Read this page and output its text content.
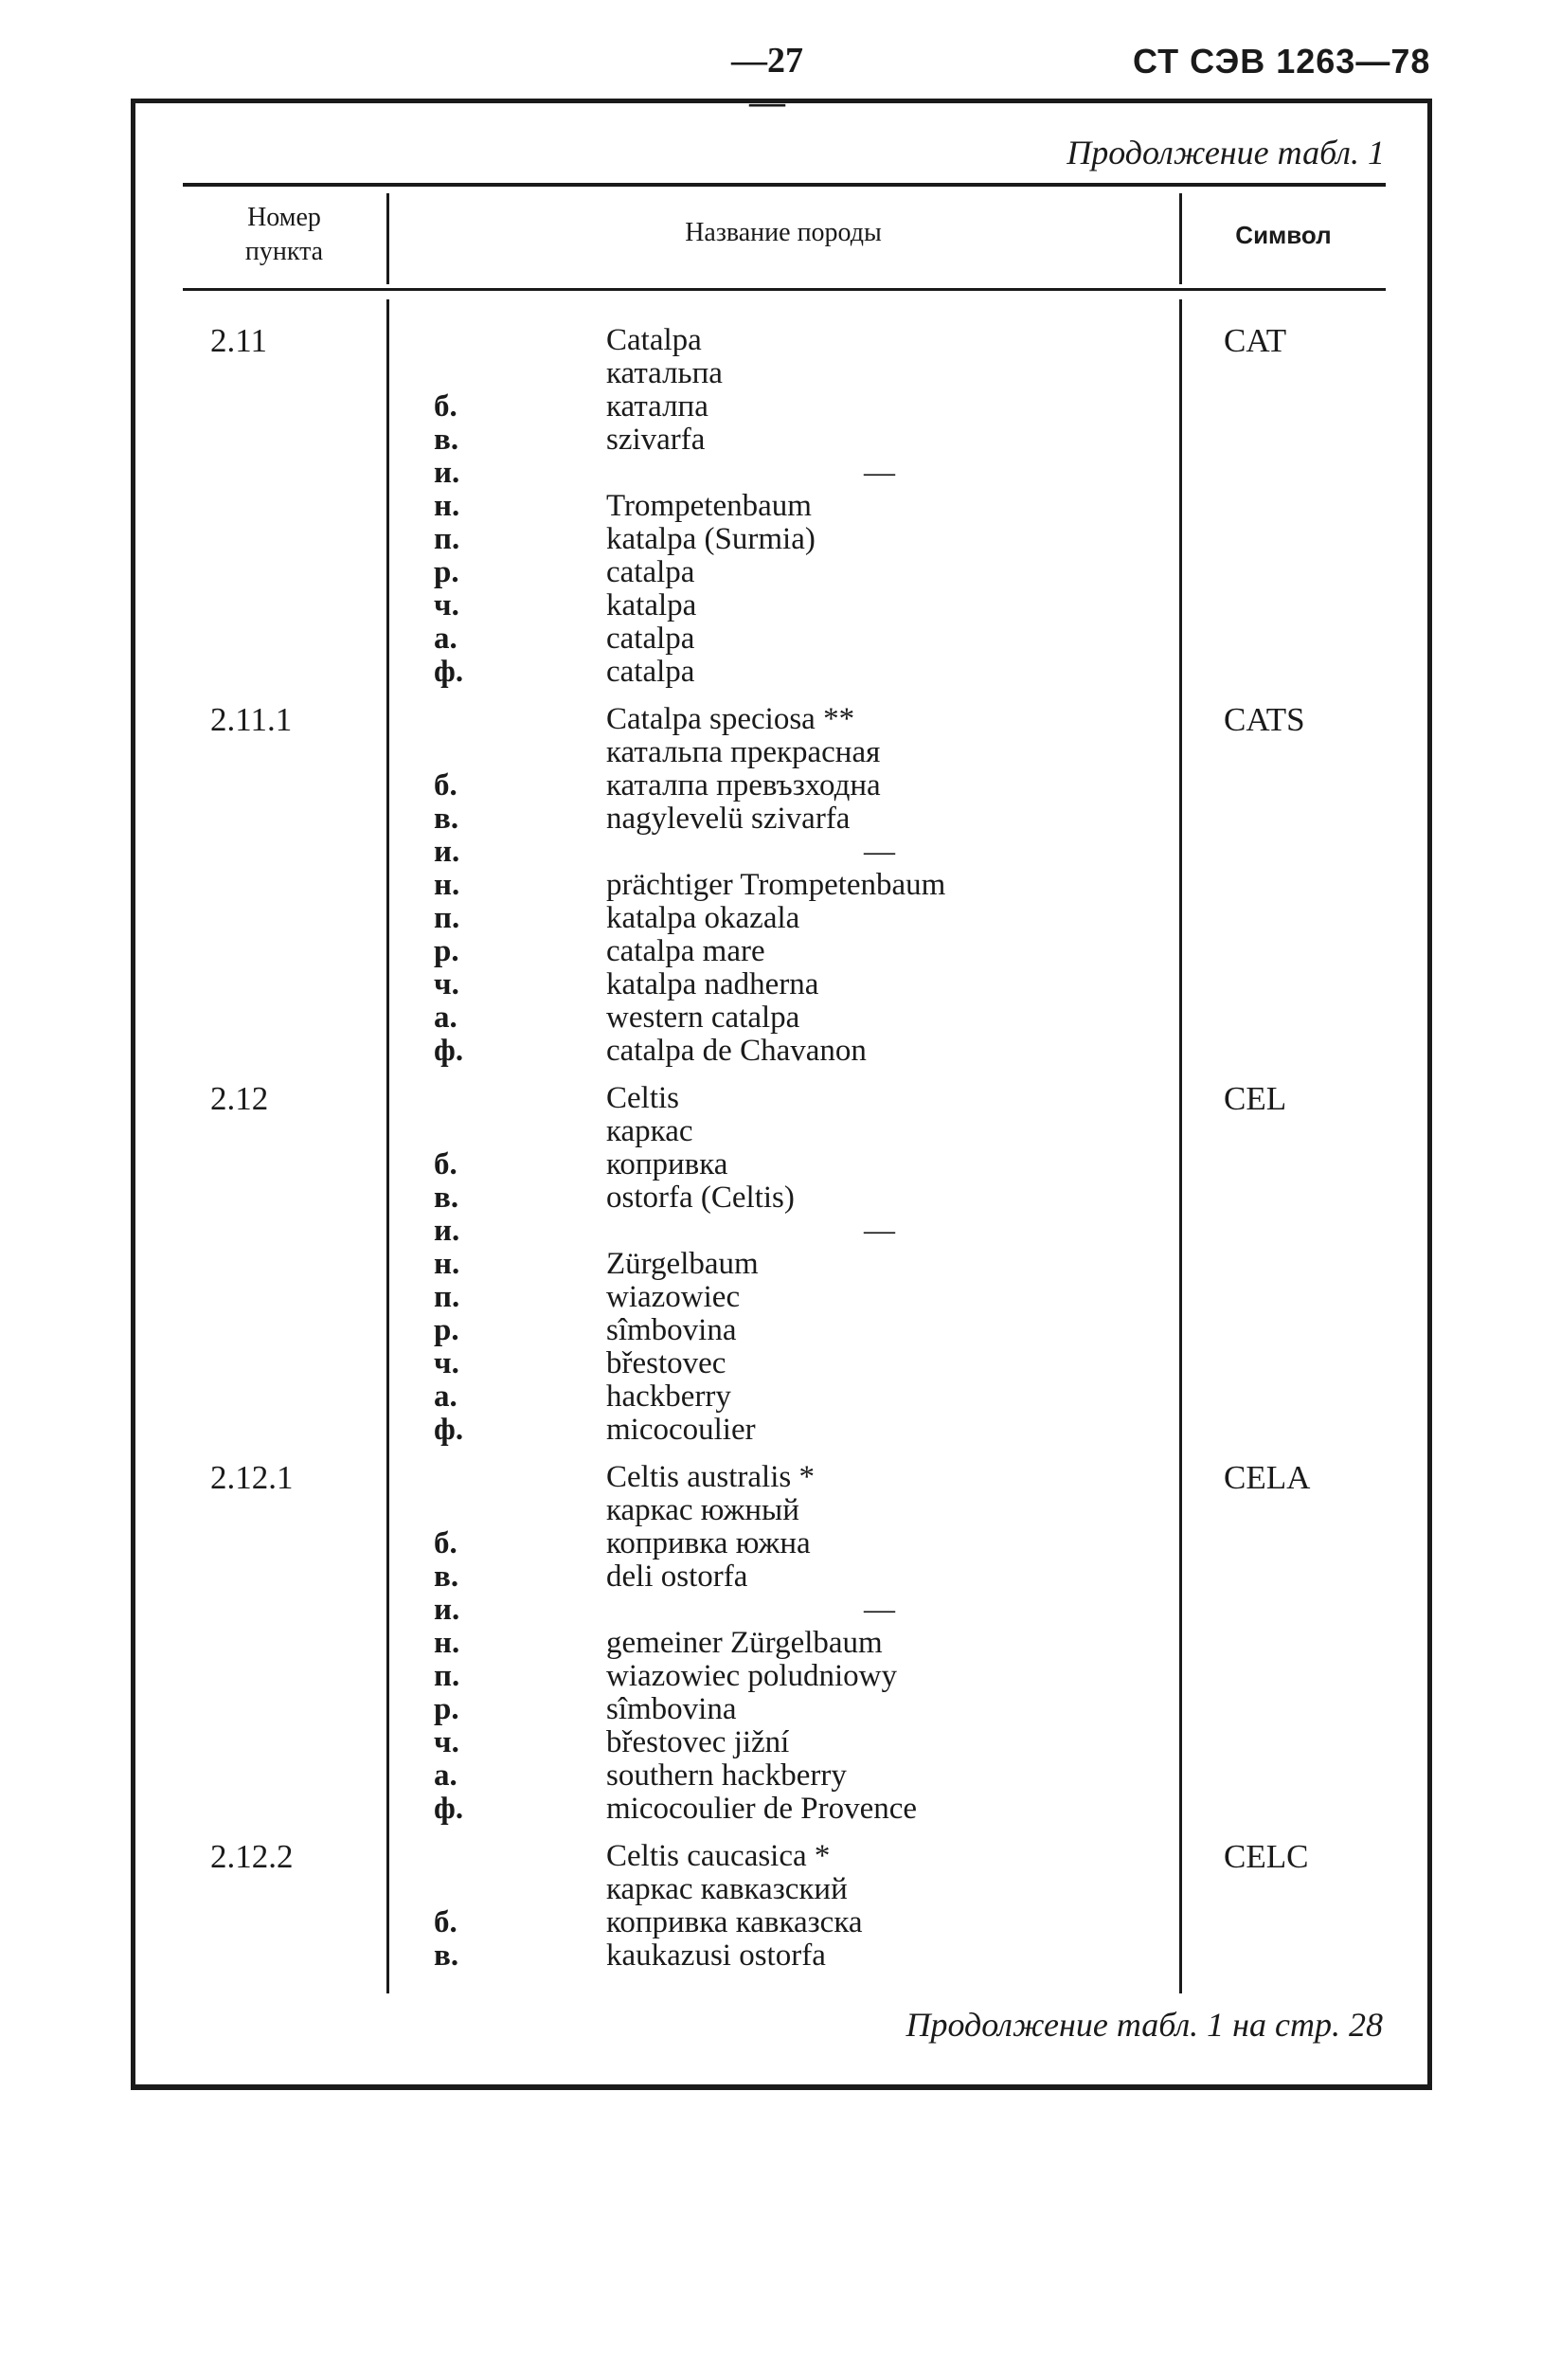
—27—
СТ СЭВ 1263—78
Продолжение табл. 1
Номер пункта
Название породы	Символ
2.11	Catalpa	CAT
катальпа
б.	каталпа
в.	szivarfa
и.	—
н.	Trompetenbaum
п.	katalpa (Surmia)
р.	catalpa
ч.	katalpa
а.	catalpa
ф.	catalpa
2.11.1	Catalpa speciosa **	CATS
катальпа прекрасная
б.	каталпа превъзходна
в.	nagylevelü szivarfa
и.	—
н.	prächtiger Trompetenbaum
п.	katalpa okazala
р.	catalpa mare
ч.	katalpa nadherna
а.	western catalpa
ф.	catalpa de Chavanon
2.12	Celtis	CEL
каркас
б.	копривка
в.	ostorfa (Celtis)
и.	—
н.	Zürgelbaum
п.	wiazowiec
р.	sîmbovina
ч.	břestovec
а.	hackberry
ф.	micocoulier
2.12.1	Celtis australis *	CELA
каркас южный
б.	копривка южна
в.	deli ostorfa
и.	—
н.	gemeiner Zürgelbaum
п.	wiazowiec poludniowy
р.	sîmbovina
ч.	břestovec jižní
а.	southern hackberry
ф.	micocoulier de Provence
2.12.2	Celtis caucasica *	CELC
каркас кавказский
б.	копривка кавказска
в.	kaukazusi ostorfa
Продолжение табл. 1 на стр. 28
